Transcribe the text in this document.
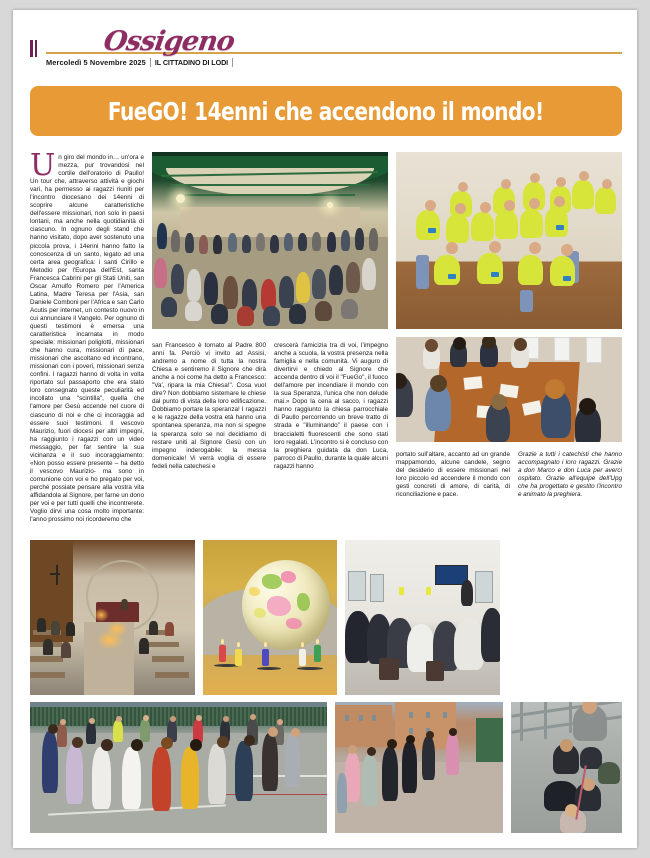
Ossigeno
Mercoledì 5 Novembre 2025 IL CITTADINO DI LODI
FueGO! 14enni che accendono il mondo!
U n giro del mondo in… un'ora e mezza, pur trovandosi nel cortile dell'oratorio di Paullo! Un tour che, attraverso attività e giochi vari, ha permesso ai ragazzi riuniti per l'incontro diocesano dei 14enni di scoprire alcune caratteristiche dell'essere missionari, non solo in paesi lontani, ma anche nella quotidianità di ciascuno. In ognuno degli stand che hanno visitato, dopo aver sostenuto una piccola prova, i 14enni hanno fatto la conoscenza di un santo, legato ad una certa area geografica: i santi Cirillo e Metodio per l'Europa dell'Est, santa Francesca Cabrini per gli Stati Uniti, san Oscar Arnulfo Romero per l'America Latina, Madre Teresa per l'Asia, san Daniele Comboni per l'Africa e san Carlo Acutis per internet, un contesto nuovo in cui annunciare il Vangelo. Per ognuno di questi testimoni è emersa una caratteristica incarnata in modo speciale: missionari poliglotti, missionari che hanno cura, missionari di pace, missionari che ascoltano ed incontrano, missionari con i poveri, missionari senza confini. I ragazzi hanno di volta in volta riportato sul passaporto che era stato loro consegnato queste peculiarità ed incollato una "scintilla", quella che l'amore per Gesù accende nel cuore di ciascuno di noi e che ci incoraggia ad essere suoi testimoni. Il vescovo Maurizio, fuori diocesi per altri impegni, ha raggiunto i ragazzi con un video messaggio, per far sentire la sua vicinanza e il suo incoraggiamento: «Non posso essere presente – ha detto il vescovo Maurizio- ma sono in comunione con voi e ho pregato per voi, perché possiate pensare alla vostra vita affidandola al Signore, per farne un dono per voi e per tutti quelli che incontrerete. Voglio dirvi una cosa molto importante: l'anno prossimo noi ricorderemo che

san Francesco è tornato al Padre 800 anni fa. Perciò vi invito ad Assisi, andremo a nome di tutta la nostra Chiesa e sentiremo il Signore che dirà anche a noi come ha detto a Francesco: "Va', ripara la mia Chiesa!". Cosa vuol dire? Non dobbiamo sistemare le chiese dal punto di vista della loro edificazione. Dobbiamo portare la speranza! I ragazzi e le ragazze della vostra età hanno una spontanea speranza, ma non si spegne la speranza solo se noi decidiamo di restare uniti al Signore Gesù con un impegno inderogabile: la messa domenicale! Vi verrà voglia di essere fedeli nella catechesi e

crescerà l'amicizia tra di voi, l'impegno anche a scuola, la vostra presenza nella famiglia e nella comunità. Vi auguro di divertirvi e chiedo al Signore che accenda dentro di voi il "FueGo", il fuoco dell'amore per incendiare il mondo con la sua Speranza, l'unica che non delude mai.» Dopo la cena al sacco, i ragazzi hanno raggiunto la chiesa parrocchiale di Paullo percorrendo un breve tratto di strada e "illuminando" il paese con i braccialetti fluorescenti che sono stati loro regalati. L'incontro si è concluso con la preghiera guidata da don Luca, parroco di Paullo, durante la quale alcuni ragazzi hanno

portato sull'altare, accanto ad un grande mappamondo, alcune candele, segno del desiderio di essere missionari nel loro piccolo ed accendere il mondo con gesti concreti di amore, di carità, di riconciliazione e pace.

Grazie a tutti i catechisti che hanno accompagnato i loro ragazzi. Grazie a don Marco e don Luca per averci ospitato. Grazie all'equipe dell'Upg che ha progettato e gestito l'incontro e animato la preghiera.
